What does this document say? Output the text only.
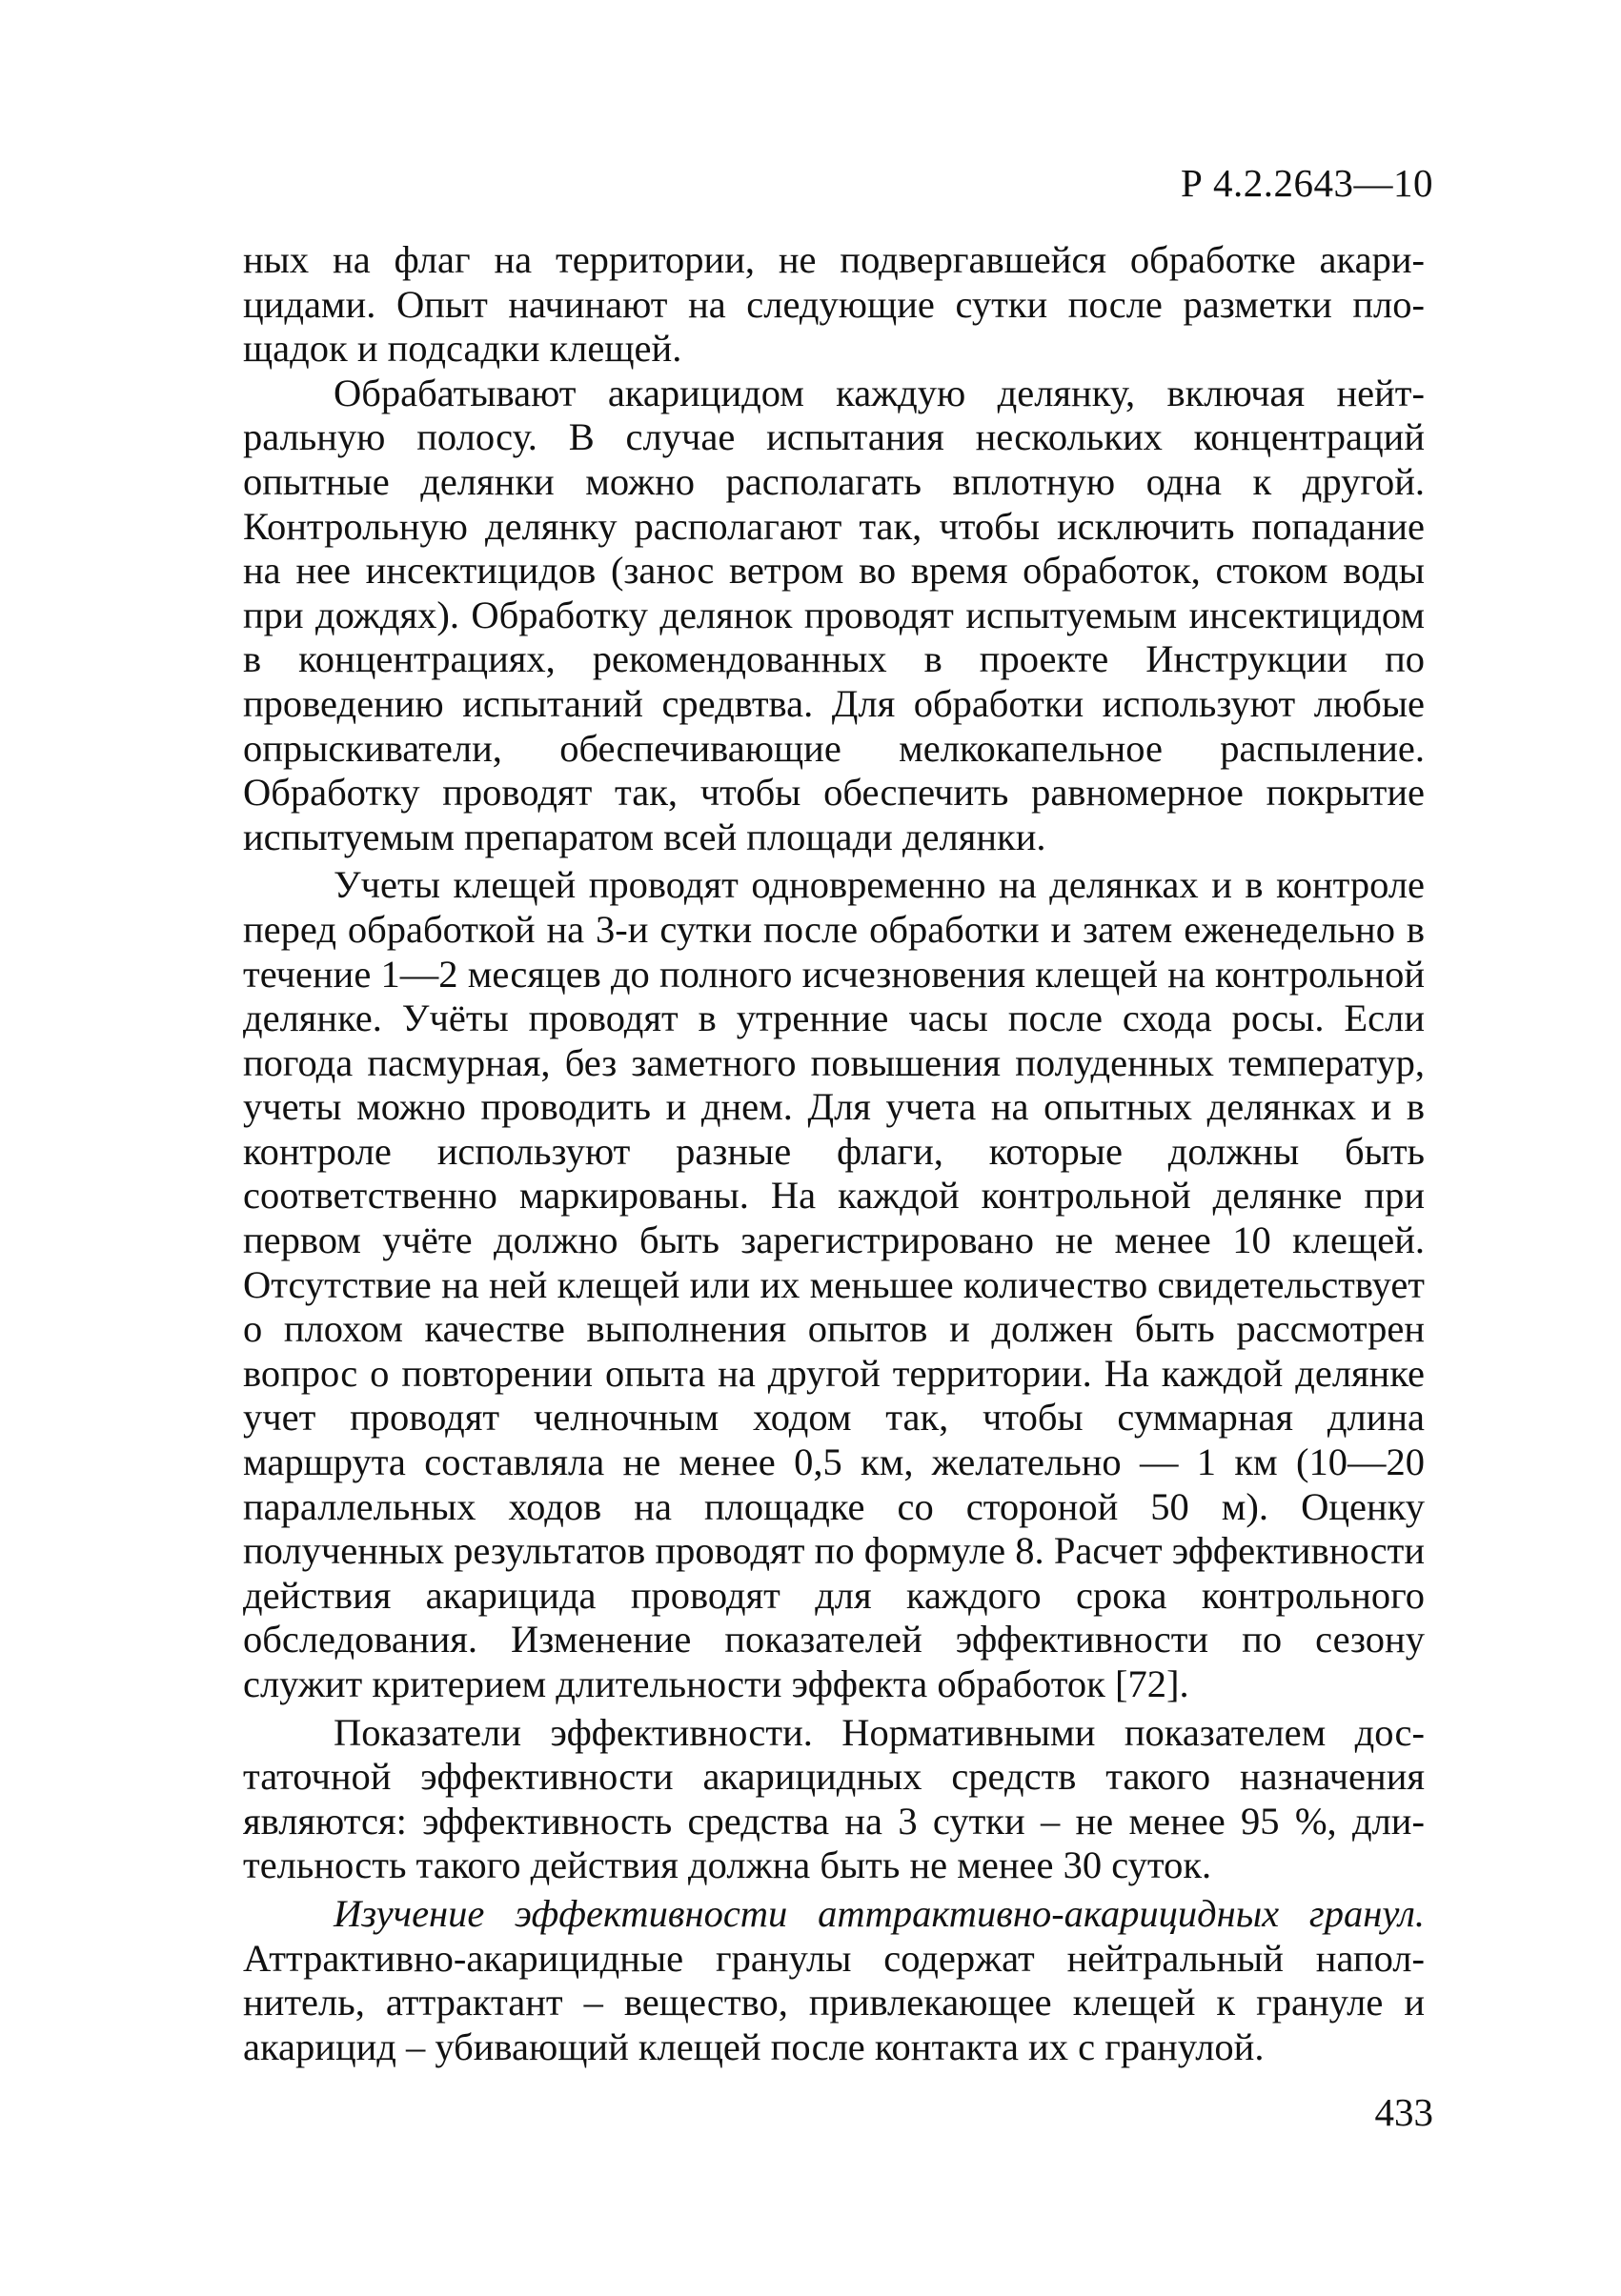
Р 4.2.2643—10

ных на флаг на территории, не подвергавшейся обработке акарицидами. Опыт начинают на следующие сутки после разметки площадок и подсадки клещей.

Обрабатывают акарицидом каждую делянку, включая нейтральную полосу. В случае испытания нескольких концентраций опытные делянки можно располагать вплотную одна к другой. Контрольную делянку располагают так, чтобы исключить попадание на нее инсектицидов (занос ветром во время обработок, стоком воды при дождях). Обработку делянок проводят испытуемым инсектицидом в концентрациях, рекомендованных в проекте Инструкции по проведению испытаний средвтва. Для обработки используют любые опрыскиватели, обеспечивающие мелкокапельное распыление. Обработку проводят так, чтобы обеспечить равномерное покрытие испытуемым препаратом всей площади делянки.

Учеты клещей проводят одновременно на делянках и в контроле перед обработкой на 3-и сутки после обработки и затем еженедельно в течение 1—2 месяцев до полного исчезновения клещей на контрольной делянке. Учёты проводят в утренние часы после схода росы. Если погода пасмурная, без заметного повышения полуденных температур, учеты можно проводить и днем. Для учета на опытных делянках и в контроле используют разные флаги, которые должны быть соответственно маркированы. На каждой контрольной делянке при первом учёте должно быть зарегистрировано не менее 10 клещей. Отсутствие на ней клещей или их меньшее количество свидетельствует о плохом качестве выполнения опытов и должен быть рассмотрен вопрос о повторении опыта на другой территории. На каждой делянке учет проводят челночным ходом так, чтобы суммарная длина маршрута составляла не менее 0,5 км, желательно — 1 км (10—20 параллельных ходов на площадке со стороной 50 м). Оценку полученных результатов проводят по формуле 8. Расчет эффективности действия акарицида проводят для каждого срока контрольного обследования. Изменение показателей эффективности по сезону служит критерием длительности эффекта обработок [72].

Показатели эффективности. Нормативными показателем достаточной эффективности акарицидных средств такого назначения являются: эффективность средства на 3 сутки – не менее 95 %, длительность такого действия должна быть не менее 30 суток.

Изучение эффективности аттрактивно-акарицидных гранул. Аттрактивно-акарицидные гранулы содержат нейтральный наполнитель, аттрактант – вещество, привлекающее клещей к грануле и акарицид – убивающий клещей после контакта их с гранулой.

433
